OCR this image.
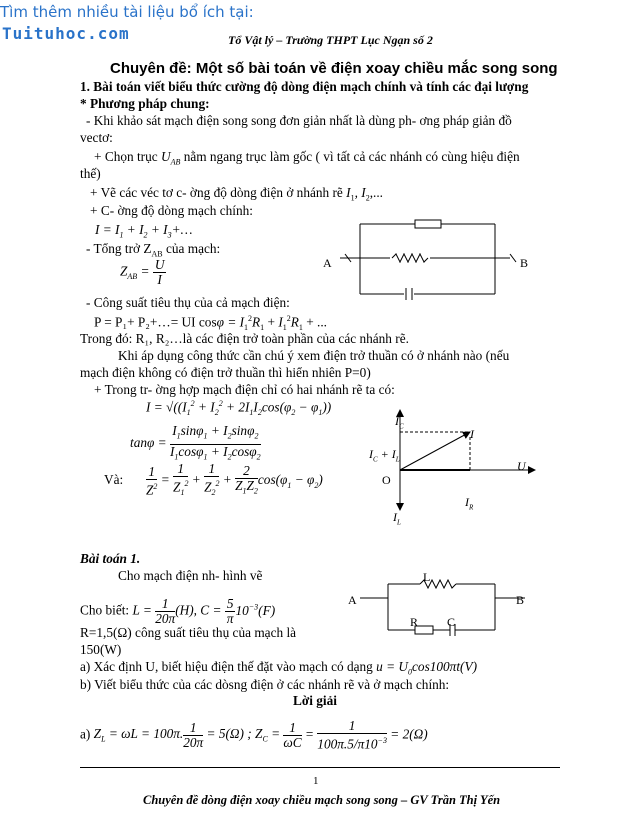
Tìm thêm nhiều tài liệu bổ ích tại:
Tuituhoc.com	Tổ Vật lý – Trường THPT Lục Ngạn số 2
Chuyên đề: Một số bài toán về điện xoay chiều mắc song song
1. Bài toán viết biểu thức cường độ dòng điện mạch chính và tính các đại lượng
* Phương pháp chung:
- Khi khảo sát mạch điện song song đơn giản nhất là dùng ph- ơng pháp giản đồ
vectơ:
+ Chọn trục $U_{AB}$ nằm ngang trục làm gốc ( vì tất cả các nhánh có cùng hiệu điện
thế)
+ Vẽ các véc tơ c- ờng độ dòng điện ở nhánh rẽ $I_1$, $I_2$,...
+ C- ờng độ dòng mạch chính:
$I = I_1 + I_2$ + $I_3+\dots$
- Tổng trở $Z_{AB}$ của mạch:
$Z_{AB} = \frac{U}{I}$	A	B
- Công suất tiêu thụ của cả mạch điện:
P = P₁+ P₂+…= UI $\cos\varphi = I_1^2R_1 + I_1^2R_1$ + ...
Trong đó: R₁, R₂…là các điện trở toàn phần của các nhánh rẽ.
Khi áp dụng công thức cần chú ý xem điện trở thuần có ở nhánh nào (nếu
mạch điện không có điện trở thuần thì hiển nhiên P=0)
+ Trong tr- ờng hợp mạch điện chỉ có hai nhánh rẽ ta có:
$I = √((I_1^2 + I_2^2 + 2I_1I_2\cos(\varphi_2 - \varphi_1))$
$\tan\varphi = \frac{I_1\sin\varphi_1 + I_2\sin\varphi_2}{I_1\cos\varphi_1 + I_2\cos\varphi_2}$
Và: $\frac{1}{Z^2} = \frac{1}{Z_1^2} + \frac{1}{Z_2^2} + \frac{2}{Z_1Z_2} \cos(\varphi_1 - \varphi_2)$
$I_C$
$I_C + I_L$
I
U
O
$I_R$
$I_L$
Bài toán 1.
Cho mạch điện nh- hình vẽ
Cho biết: $L = \frac{1}{20\pi} (H)$, $C = \frac{5}{\pi} 10^{-3}(F)$
L
A	B
R C
R=1,5(Ω) công suất tiêu thụ của mạch là
150(W)
a) Xác định U, biết hiệu điện thế đặt vào mạch có dạng $u = U_0\cos 100\pi t(V)$
b) Viết biểu thức của các dòsng điện ở các nhánh rẽ và ở mạch chính:
Lời giải
a) $Z_L = \omega L = 100\pi$. $\frac{1}{20\pi} = 5(\Omega)$ ; $Z_C = \frac{1}{\omega C} = \frac{1}{100\pi.5/\pi 10^{-3}} = 2(\Omega)$
1
Chuyên đề dòng điện xoay chiều mạch song song – GV Trần Thị Yến
